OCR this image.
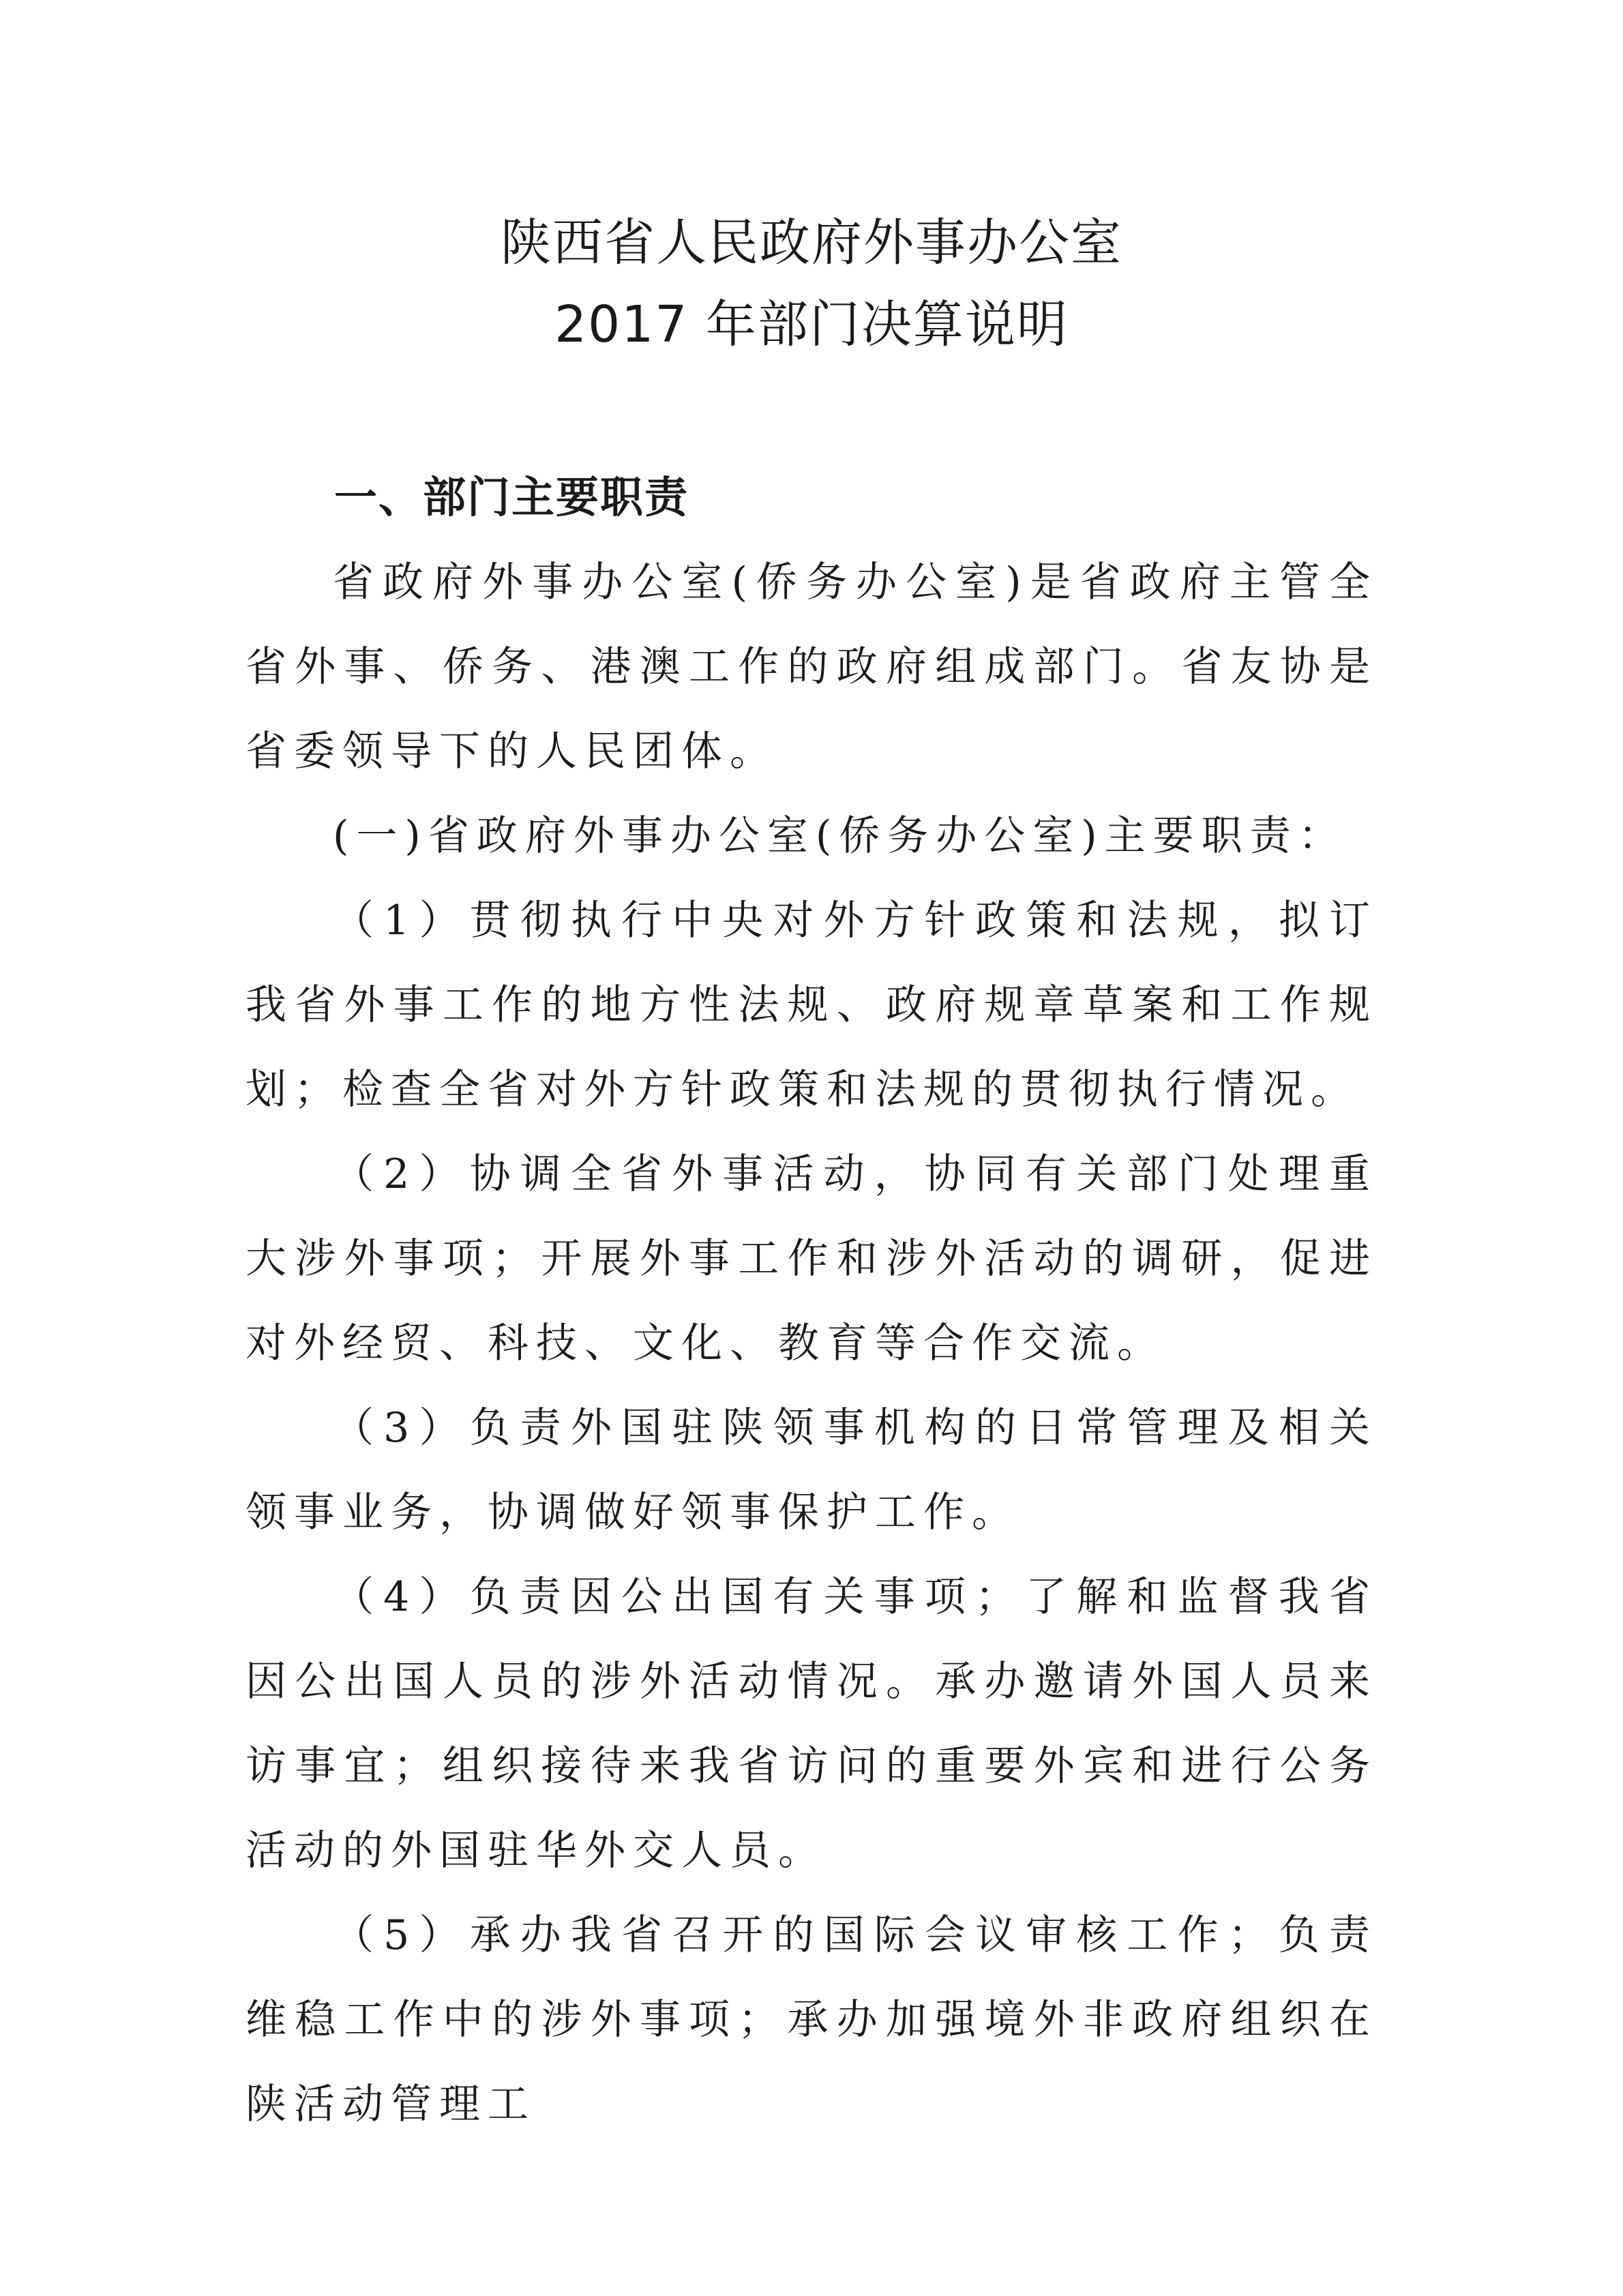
陕西省人民政府外事办公室
2017 年部门决算说明
一、部门主要职责

省政府外事办公室(侨务办公室)是省政府主管全省外事、侨务、港澳工作的政府组成部门。省友协是省委领导下的人民团体。

(一)省政府外事办公室(侨务办公室)主要职责：

（1）贯彻执行中央对外方针政策和法规，拟订我省外事工作的地方性法规、政府规章草案和工作规划；检查全省对外方针政策和法规的贯彻执行情况。

（2）协调全省外事活动，协同有关部门处理重大涉外事项；开展外事工作和涉外活动的调研，促进对外经贸、科技、文化、教育等合作交流。

（3）负责外国驻陕领事机构的日常管理及相关领事业务，协调做好领事保护工作。

（4）负责因公出国有关事项；了解和监督我省因公出国人员的涉外活动情况。承办邀请外国人员来访事宜；组织接待来我省访问的重要外宾和进行公务活动的外国驻华外交人员。

（5）承办我省召开的国际会议审核工作；负责维稳工作中的涉外事项；承办加强境外非政府组织在陕活动管理工
